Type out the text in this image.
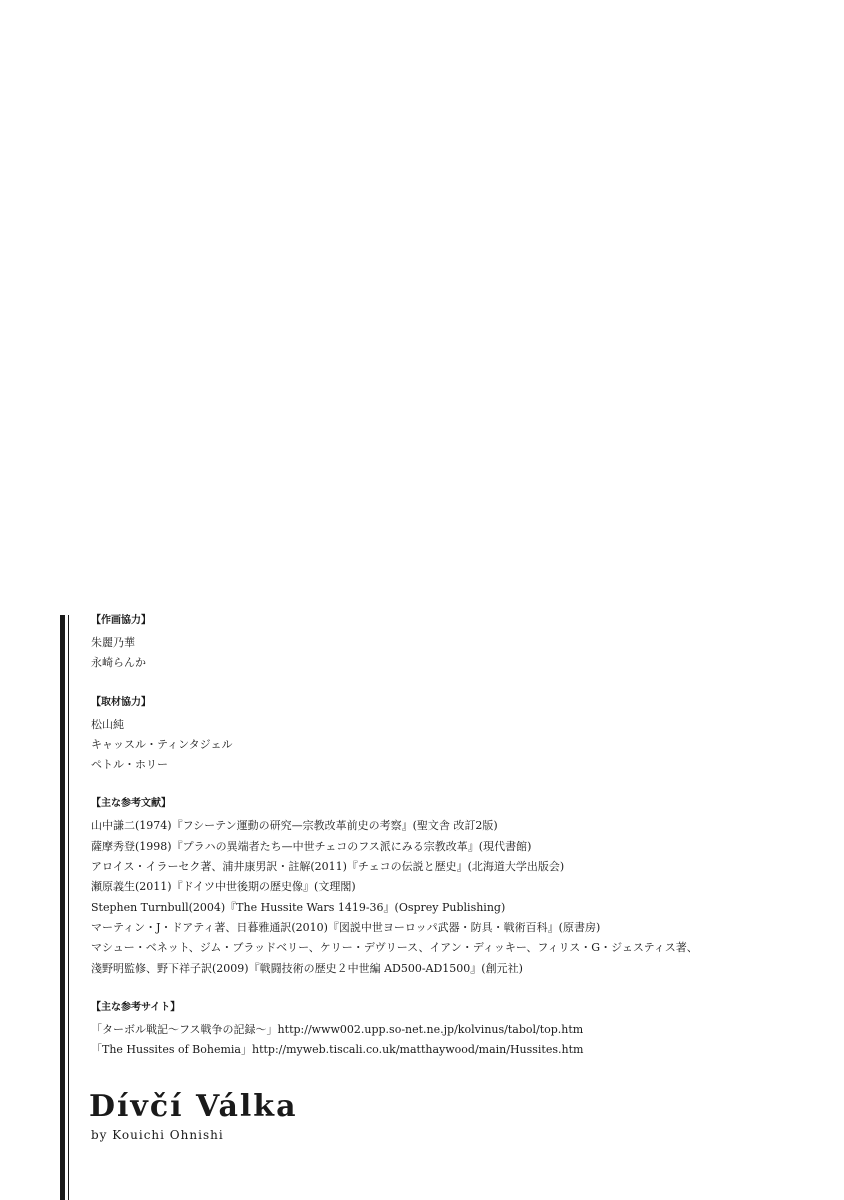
【作画協力】

朱麗乃華

永崎らんか

【取材協力】

松山純

キャッスル・ティンタジェル

ペトル・ホリー

【主な参考文献】

山中謙二(1974)『フシーテン運動の研究—宗教改革前史の考察』(聖文舎 改訂2版)

薩摩秀登(1998)『プラハの異端者たち—中世チェコのフス派にみる宗教改革』(現代書館)

アロイス・イラーセク著、浦井康男訳・註解(2011)『チェコの伝説と歴史』(北海道大学出版会)

瀬原義生(2011)『ドイツ中世後期の歴史像』(文理閣)

Stephen Turnbull(2004)『The Hussite Wars 1419-36』(Osprey Publishing)

マーティン・J・ドアティ著、日暮雅通訳(2010)『図説中世ヨーロッパ武器・防具・戦術百科』(原書房)

マシュー・ベネット、ジム・ブラッドベリー、ケリー・デヴリース、イアン・ディッキー、フィリス・G・ジェスティス著、

淺野明監修、野下祥子訳(2009)『戦闘技術の歴史２中世編 AD500-AD1500』(創元社)

【主な参考サイト】

「ターボル戦記〜フス戦争の記録〜」http://www002.upp.so-net.ne.jp/kolvinus/tabol/top.htm

「The Hussites of Bohemia」http://myweb.tiscali.co.uk/matthaywood/main/Hussites.htm

Dívčí Válka
by Kouichi Ohnishi
